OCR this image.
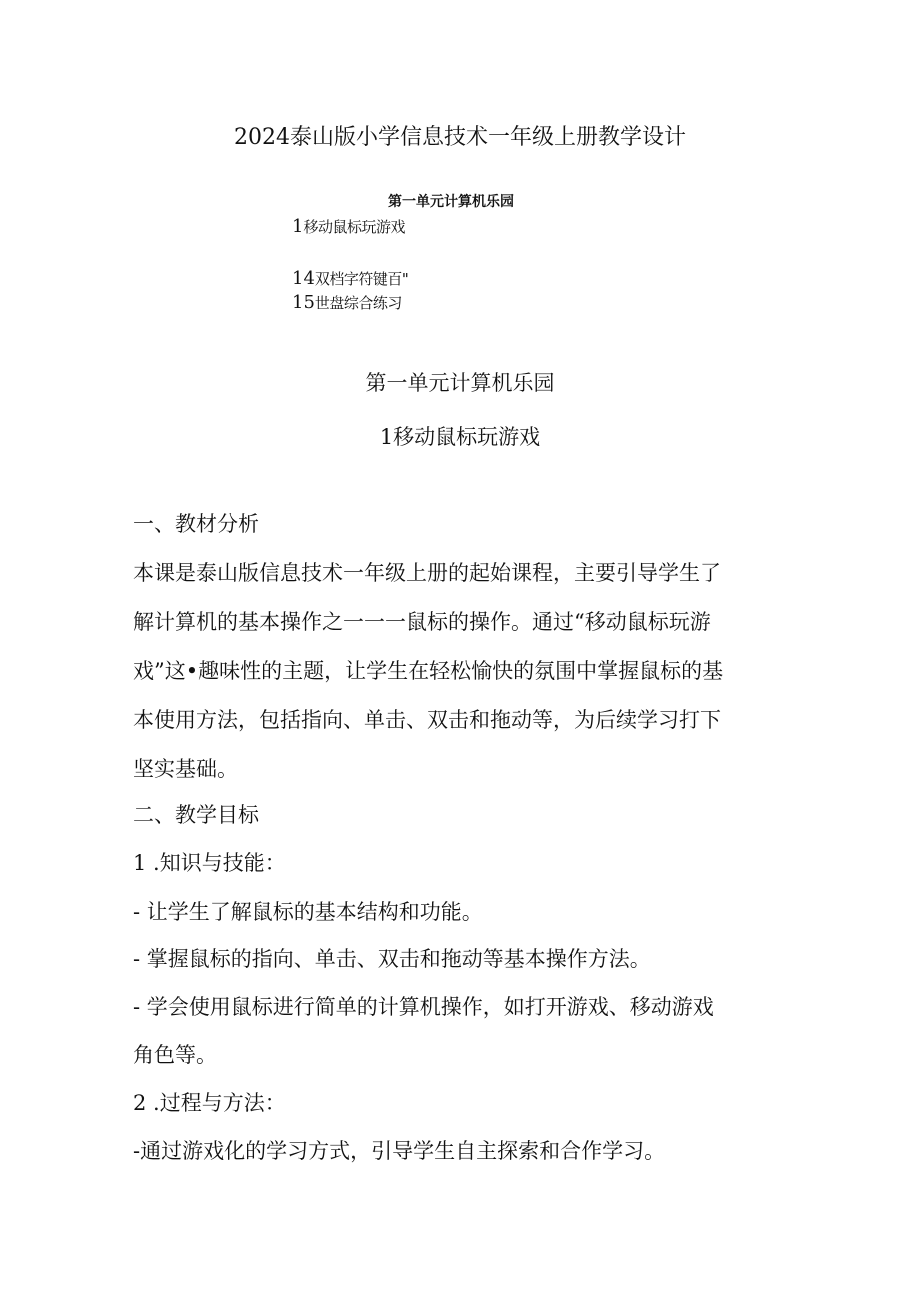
2024泰山版小学信息技术一年级上册教学设计
第一单元计算机乐园
1移动鼠标玩游戏
14双档字符键百"
15世盘综合练习
第一单元计算机乐园
1移动鼠标玩游戏
一、教材分析
本课是泰山版信息技术一年级上册的起始课程，主要引导学生了
解计算机的基本操作之一一一鼠标的操作。通过“移动鼠标玩游
戏”这•趣味性的主题，让学生在轻松愉快的氛围中掌握鼠标的基
本使用方法，包括指向、单击、双击和拖动等，为后续学习打下
坚实基础。
二、教学目标
1 .知识与技能：
- 让学生了解鼠标的基本结构和功能。
- 掌握鼠标的指向、单击、双击和拖动等基本操作方法。
- 学会使用鼠标进行简单的计算机操作，如打开游戏、移动游戏
角色等。
2 .过程与方法：
-通过游戏化的学习方式，引导学生自主探索和合作学习。
